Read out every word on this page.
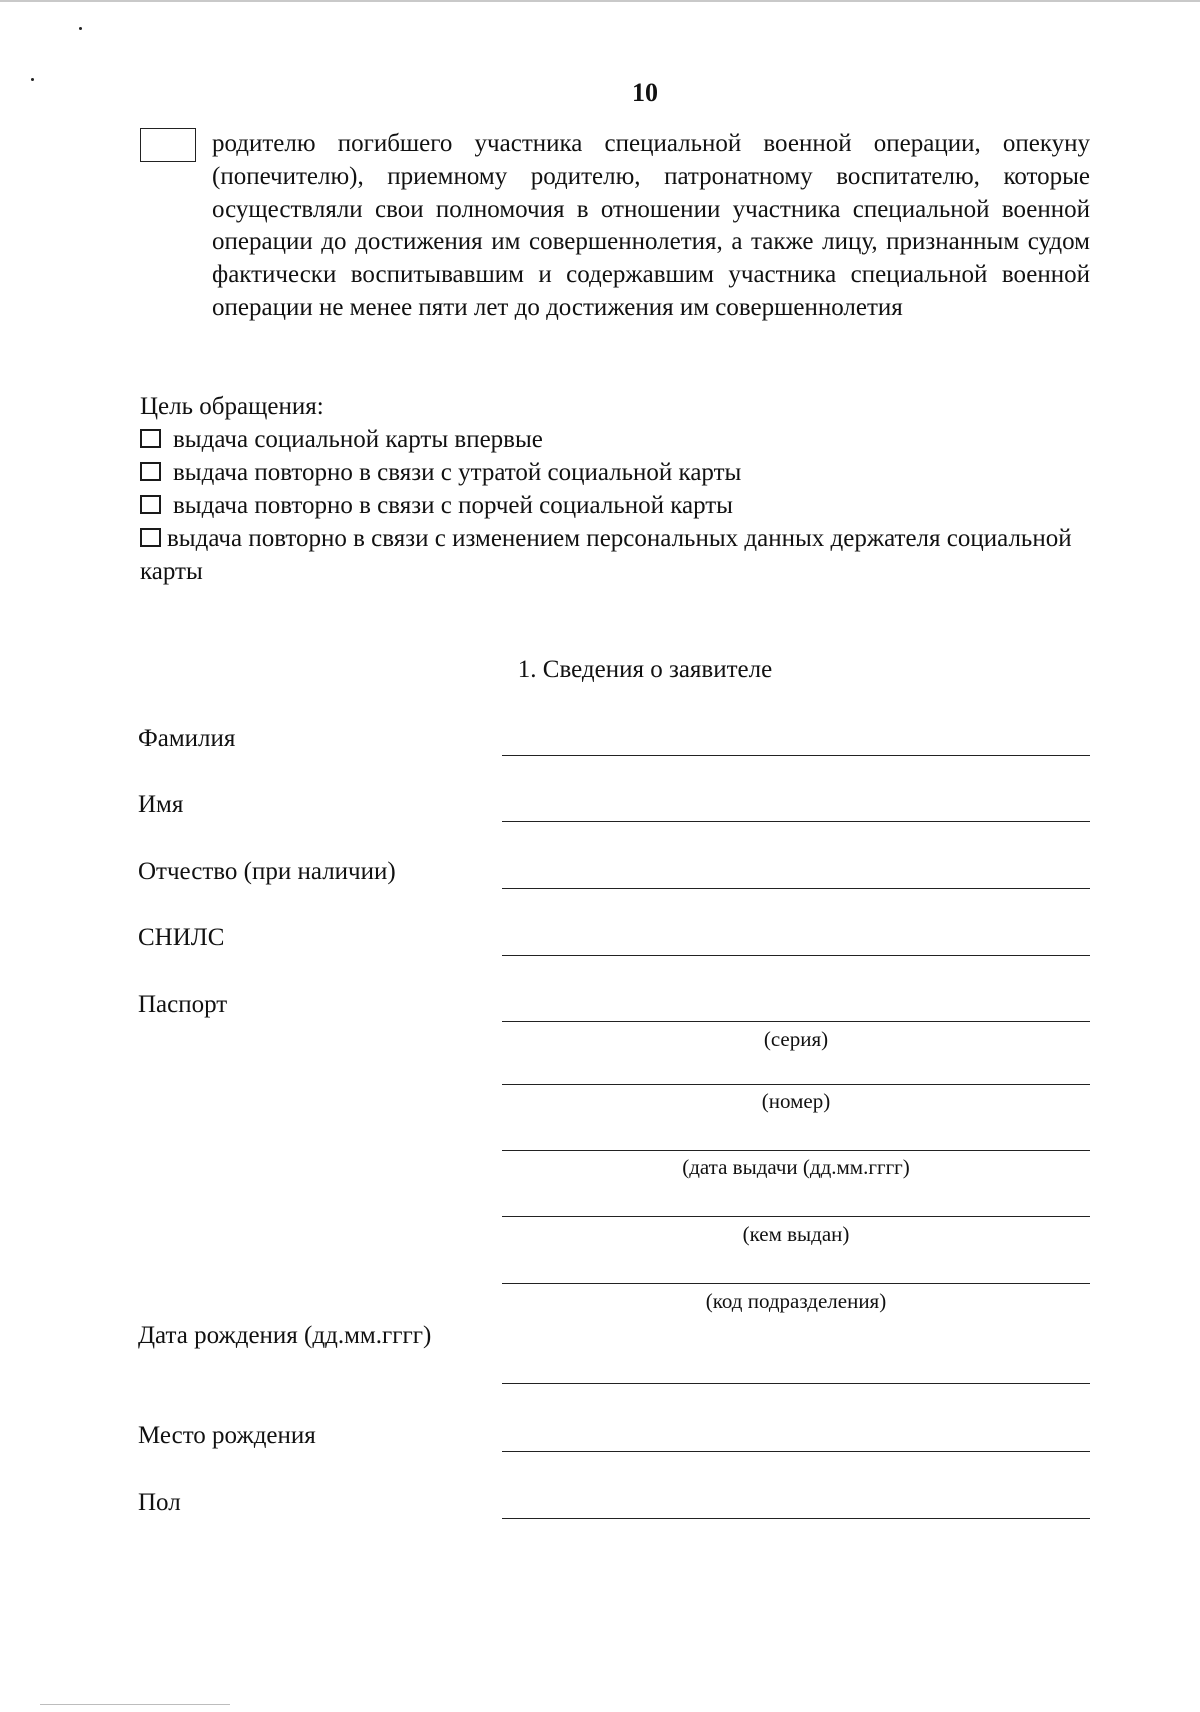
10

родителю погибшего участника специальной военной операции, опекуну (попечителю), приемному родителю, патронатному воспитателю, которые осуществляли свои полномочия в отношении участника специальной военной операции до достижения им совершеннолетия, а также лицу, признанным судом фактически воспитывавшим и содержавшим участника специальной военной операции не менее пяти лет до достижения им совершеннолетия

Цель обращения:

выдача социальной карты впервые

выдача повторно в связи с утратой социальной карты

выдача повторно в связи с порчей социальной карты

выдача повторно в связи с изменением персональных данных держателя социальной карты

1. Сведения о заявителе

Фамилия

Имя

Отчество (при наличии)

СНИЛС

Паспорт

(серия)

(номер)

(дата выдачи (дд.мм.гггг)

(кем выдан)

(код подразделения)

Дата рождения (дд.мм.гггг)

Место рождения

Пол
